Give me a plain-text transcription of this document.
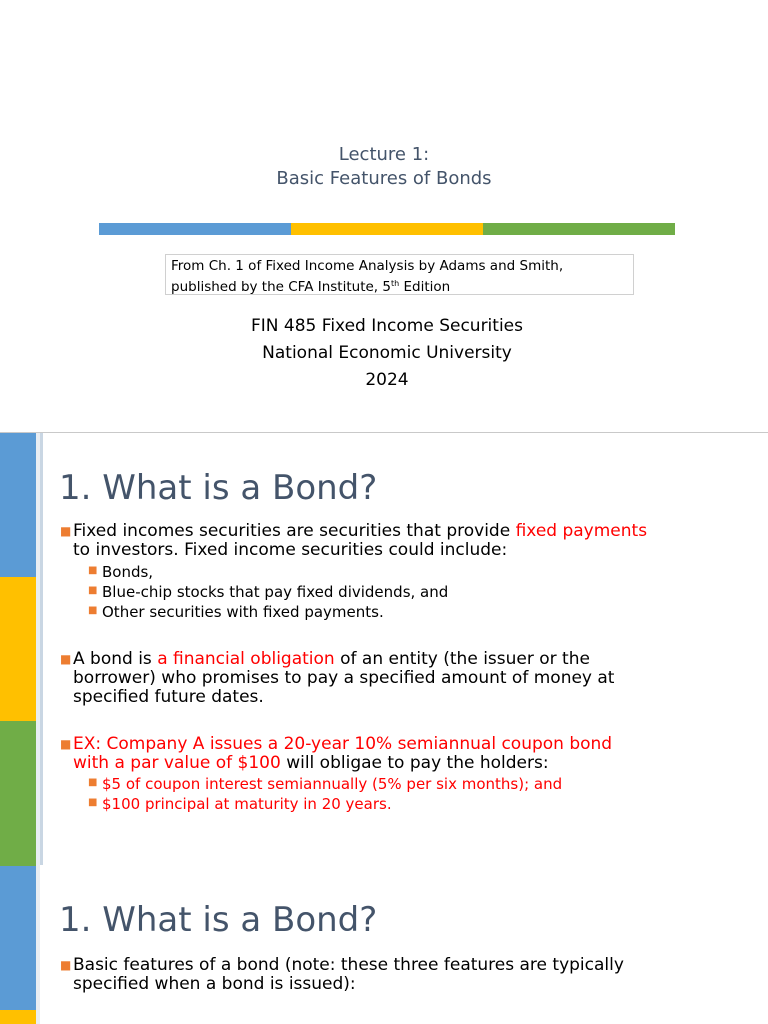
Lecture 1:
Basic Features of Bonds
From Ch. 1 of Fixed Income Analysis by Adams and Smith,
published by the CFA Institute, 5th Edition
FIN 485 Fixed Income Securities
National Economic University
2024
1. What is a Bond?
■ Fixed incomes securities are securities that provide fixed payments
to investors. Fixed income securities could include:
■ Bonds,
■ Blue-chip stocks that pay fixed dividends, and
■ Other securities with fixed payments.
■ A bond is a financial obligation of an entity (the issuer or the
borrower) who promises to pay a specified amount of money at
specified future dates.
■ EX: Company A issues a 20-year 10% semiannual coupon bond
with a par value of $100 will obligae to pay the holders:
■ $5 of coupon interest semiannually (5% per six months); and
■ $100 principal at maturity in 20 years.
1. What is a Bond?
■ Basic features of a bond (note: these three features are typically
specified when a bond is issued):
